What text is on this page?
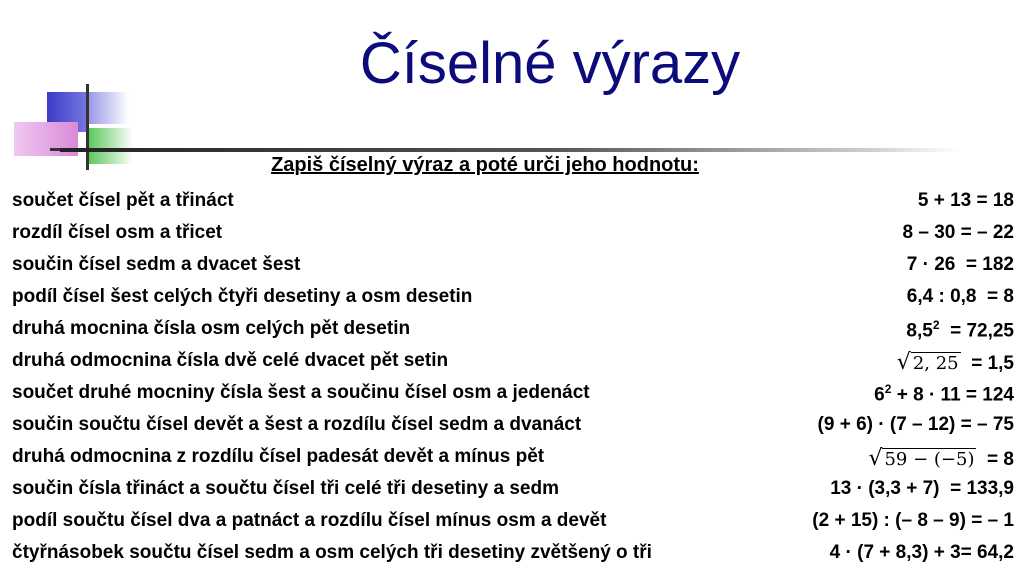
Číselné výrazy
Zapiš číselný výraz a poté urči jeho hodnotu:
součet čísel pět a třináct	5 + 13 = 18
rozdíl čísel osm a třicet	8 – 30 = – 22
součin čísel sedm a dvacet šest	7 · 26 = 182
podíl čísel šest celých čtyři desetiny a osm desetin	6,4 : 0,8 = 8
druhá mocnina čísla osm celých pět desetin	$8,5^2 = 72,25$
druhá odmocnina čísla dvě celé dvacet pět setin	√ 2, 25 = 1,5
součet druhé mocniny čísla šest a součinu čísel osm a jedenáct	$6^2 + 8 \cdot 11 = 124$
součin součtu čísel devět a šest a rozdílu čísel sedm a dvanáct	(9 + 6) · (7 – 12) = – 75
druhá odmocnina z rozdílu čísel padesát devět a mínus pět	√ 59 − (−5) = 8
součin čísla třináct a součtu čísel tři celé tři desetiny a sedm	13 · (3,3 + 7) = 133,9
podíl součtu čísel dva a patnáct a rozdílu čísel mínus osm a devět	(2 + 15) : (– 8 – 9) = – 1
čtyřnásobek součtu čísel sedm a osm celých tři desetiny zvětšený o tři	4 · (7 + 8,3) + 3= 64,2
